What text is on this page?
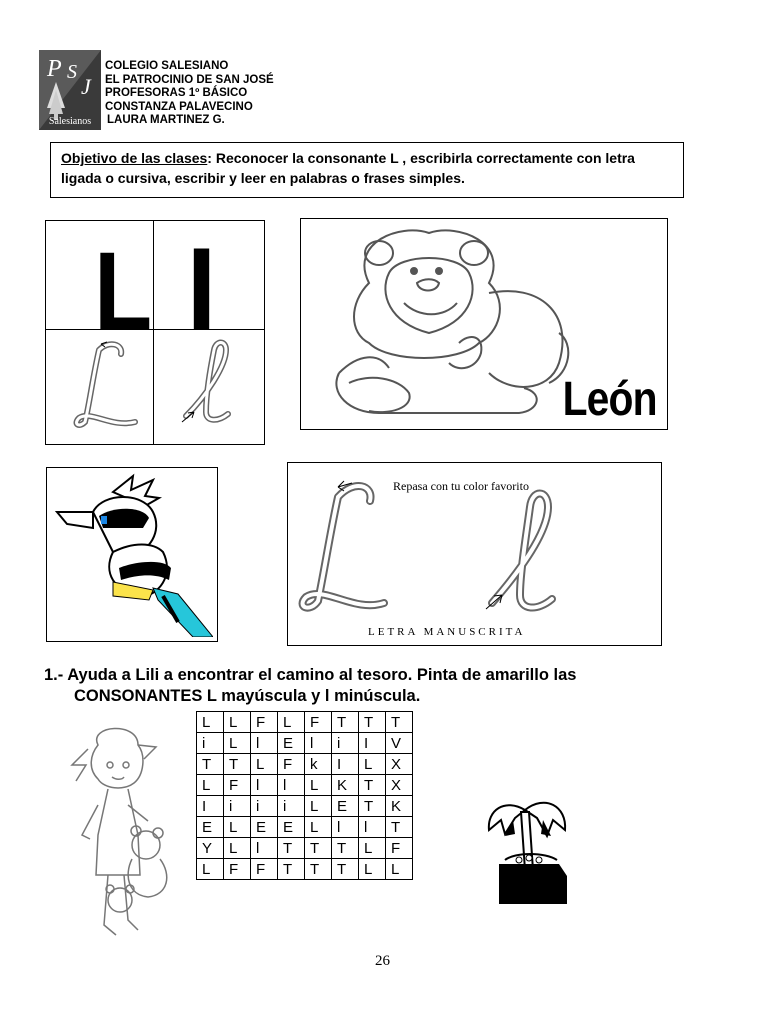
P S
J
Salesianos
COLEGIO SALESIANO
EL PATROCINIO DE SAN JOSÉ
PROFESORAS 1º BÁSICO
CONSTANZA PALAVECINO
LAURA MARTINEZ G.
Objetivo de las clases: Reconocer la consonante L , escribirla correctamente con letra ligada o cursiva, escribir y leer en palabras o frases simples.
L l
León
Repasa con tu color favorito
LETRA MANUSCRITA
1.- Ayuda a Lili a encontrar el camino al tesoro. Pinta de amarillo las
CONSONANTES L mayúscula y l minúscula.
L	L	F	L	F	T	T	T
i	L	l	E	l	i	I	V
T	T	L	F	k	I	L	X
L	F	l	l	L	K	T	X
I	i	i	i	L	E	T	K
E	L	E	E	L	l	l	T
Y	L	l	T	T	T	L	F
L	F	F	T	T	T	L	L
26
